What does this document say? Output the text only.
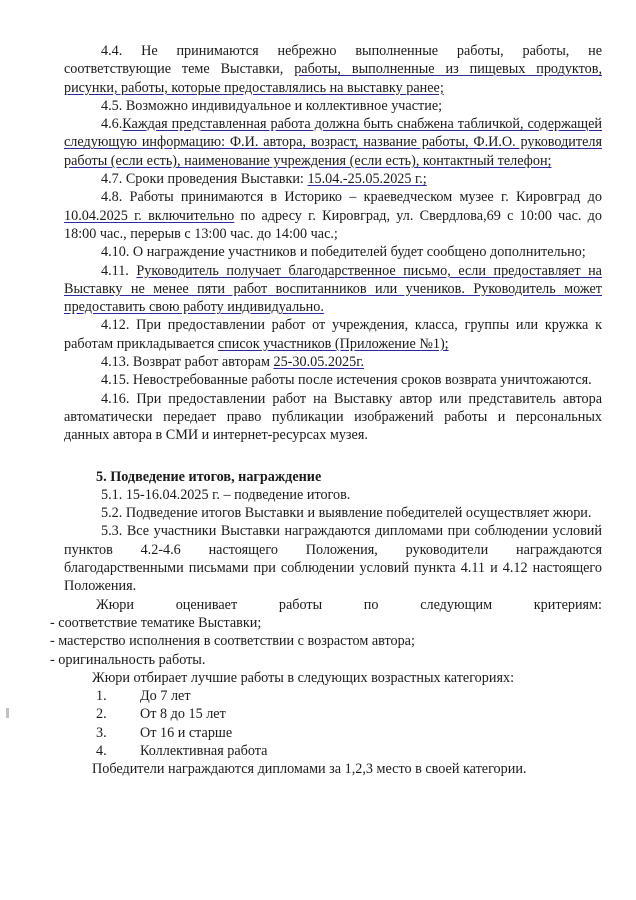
4.4. Не принимаются небрежно выполненные работы, работы, не соответствующие теме Выставки, работы, выполненные из пищевых продуктов, рисунки, работы, которые предоставлялись на выставку ранее;

4.5. Возможно индивидуальное и коллективное участие;

4.6.Каждая представленная работа должна быть снабжена табличкой, содержащей следующую информацию: Ф.И. автора, возраст, название работы, Ф.И.О. руководителя работы (если есть), наименование учреждения (если есть), контактный телефон;

4.7. Сроки проведения Выставки: 15.04.-25.05.2025 г.;

4.8. Работы принимаются в Историко – краеведческом музее г. Кировград до 10.04.2025 г. включительно по адресу г. Кировград, ул. Свердлова,69 с 10:00 час. до 18:00 час., перерыв с 13:00 час. до 14:00 час.;

4.10. О награждение участников и победителей будет сообщено дополнительно;

4.11. Руководитель получает благодарственное письмо, если предоставляет на Выставку не менее пяти работ воспитанников или учеников. Руководитель может предоставить свою работу индивидуально.

4.12. При предоставлении работ от учреждения, класса, группы или кружка к работам прикладывается список участников (Приложение №1);

4.13. Возврат работ авторам 25-30.05.2025г.

4.15. Невостребованные работы после истечения сроков возврата уничтожаются.

4.16. При предоставлении работ на Выставку автор или представитель автора автоматически передает право публикации изображений работы и персональных данных автора в СМИ и интернет-ресурсах музея.

5. Подведение итогов, награждение

5.1. 15-16.04.2025 г. – подведение итогов.

5.2. Подведение итогов Выставки и выявление победителей осуществляет жюри.

5.3. Все участники Выставки награждаются дипломами при соблюдении условий пунктов 4.2-4.6 настоящего Положения, руководители награждаются благодарственными письмами при соблюдении условий пункта 4.11 и 4.12 настоящего Положения.

Жюри оценивает работы по следующим критериям:

- соответствие тематике Выставки;

- мастерство исполнения в соответствии с возрастом автора;

- оригинальность работы.

Жюри отбирает лучшие работы в следующих возрастных категориях:

1.	До 7 лет
2.	От 8 до 15 лет
3.	От 16 и старше
4.	Коллективная работа

Победители награждаются дипломами за 1,2,3 место в своей категории.
